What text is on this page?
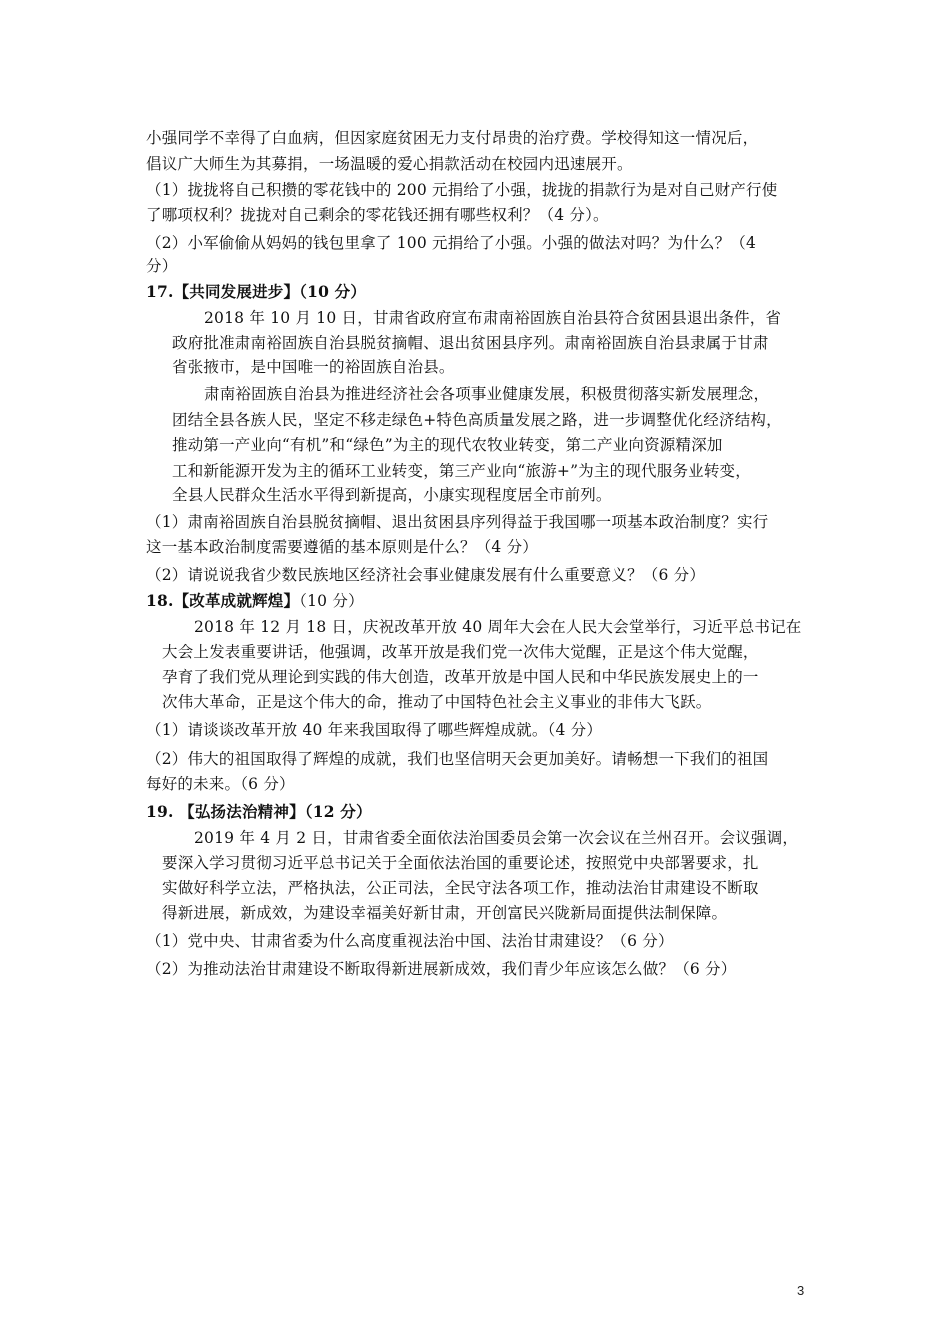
小强同学不幸得了白血病，但因家庭贫困无力支付昂贵的治疗费。学校得知这一情况后，
倡议广大师生为其募捐，一场温暖的爱心捐款活动在校园内迅速展开。
（1）拢拢将自己积攒的零花钱中的 200 元捐给了小强，拢拢的捐款行为是对自己财产行使
了哪项权利？拢拢对自己剩余的零花钱还拥有哪些权利？（4 分）。
（2）小军偷偷从妈妈的钱包里拿了 100 元捐给了小强。小强的做法对吗？为什么？（4
分）
17.【共同发展进步】（10 分）
2018 年 10 月 10 日，甘肃省政府宣布肃南裕固族自治县符合贫困县退出条件，省
政府批准肃南裕固族自治县脱贫摘帽、退出贫困县序列。肃南裕固族自治县隶属于甘肃
省张掖市，是中国唯一的裕固族自治县。
肃南裕固族自治县为推进经济社会各项事业健康发展，积极贯彻落实新发展理念，
团结全县各族人民，坚定不移走绿色+特色高质量发展之路，进一步调整优化经济结构，
推动第一产业向“有机”和“绿色”为主的现代农牧业转变，第二产业向资源精深加
工和新能源开发为主的循环工业转变，第三产业向“旅游+”为主的现代服务业转变，
全县人民群众生活水平得到新提高，小康实现程度居全市前列。
（1）肃南裕固族自治县脱贫摘帽、退出贫困县序列得益于我国哪一项基本政治制度？实行
这一基本政治制度需要遵循的基本原则是什么？（4 分）
（2）请说说我省少数民族地区经济社会事业健康发展有什么重要意义？（6 分）
18.【改革成就辉煌】（10 分）
2018 年 12 月 18 日，庆祝改革开放 40 周年大会在人民大会堂举行，习近平总书记在
大会上发表重要讲话，他强调，改革开放是我们党一次伟大觉醒，正是这个伟大觉醒，
孕育了我们党从理论到实践的伟大创造，改革开放是中国人民和中华民族发展史上的一
次伟大革命，正是这个伟大的命，推动了中国特色社会主义事业的非伟大飞跃。
（1）请谈谈改革开放 40 年来我国取得了哪些辉煌成就。（4 分）
（2）伟大的祖国取得了辉煌的成就，我们也坚信明天会更加美好。请畅想一下我们的祖国
每好的未来。（6 分）
19. 【弘扬法治精神】（12 分）
2019 年 4 月 2 日，甘肃省委全面依法治国委员会第一次会议在兰州召开。会议强调，
要深入学习贯彻习近平总书记关于全面依法治国的重要论述，按照党中央部署要求，扎
实做好科学立法，严格执法，公正司法，全民守法各项工作，推动法治甘肃建设不断取
得新进展，新成效，为建设幸福美好新甘肃，开创富民兴陇新局面提供法制保障。
（1）党中央、甘肃省委为什么高度重视法治中国、法治甘肃建设？（6 分）
（2）为推动法治甘肃建设不断取得新进展新成效，我们青少年应该怎么做？（6 分）
3
